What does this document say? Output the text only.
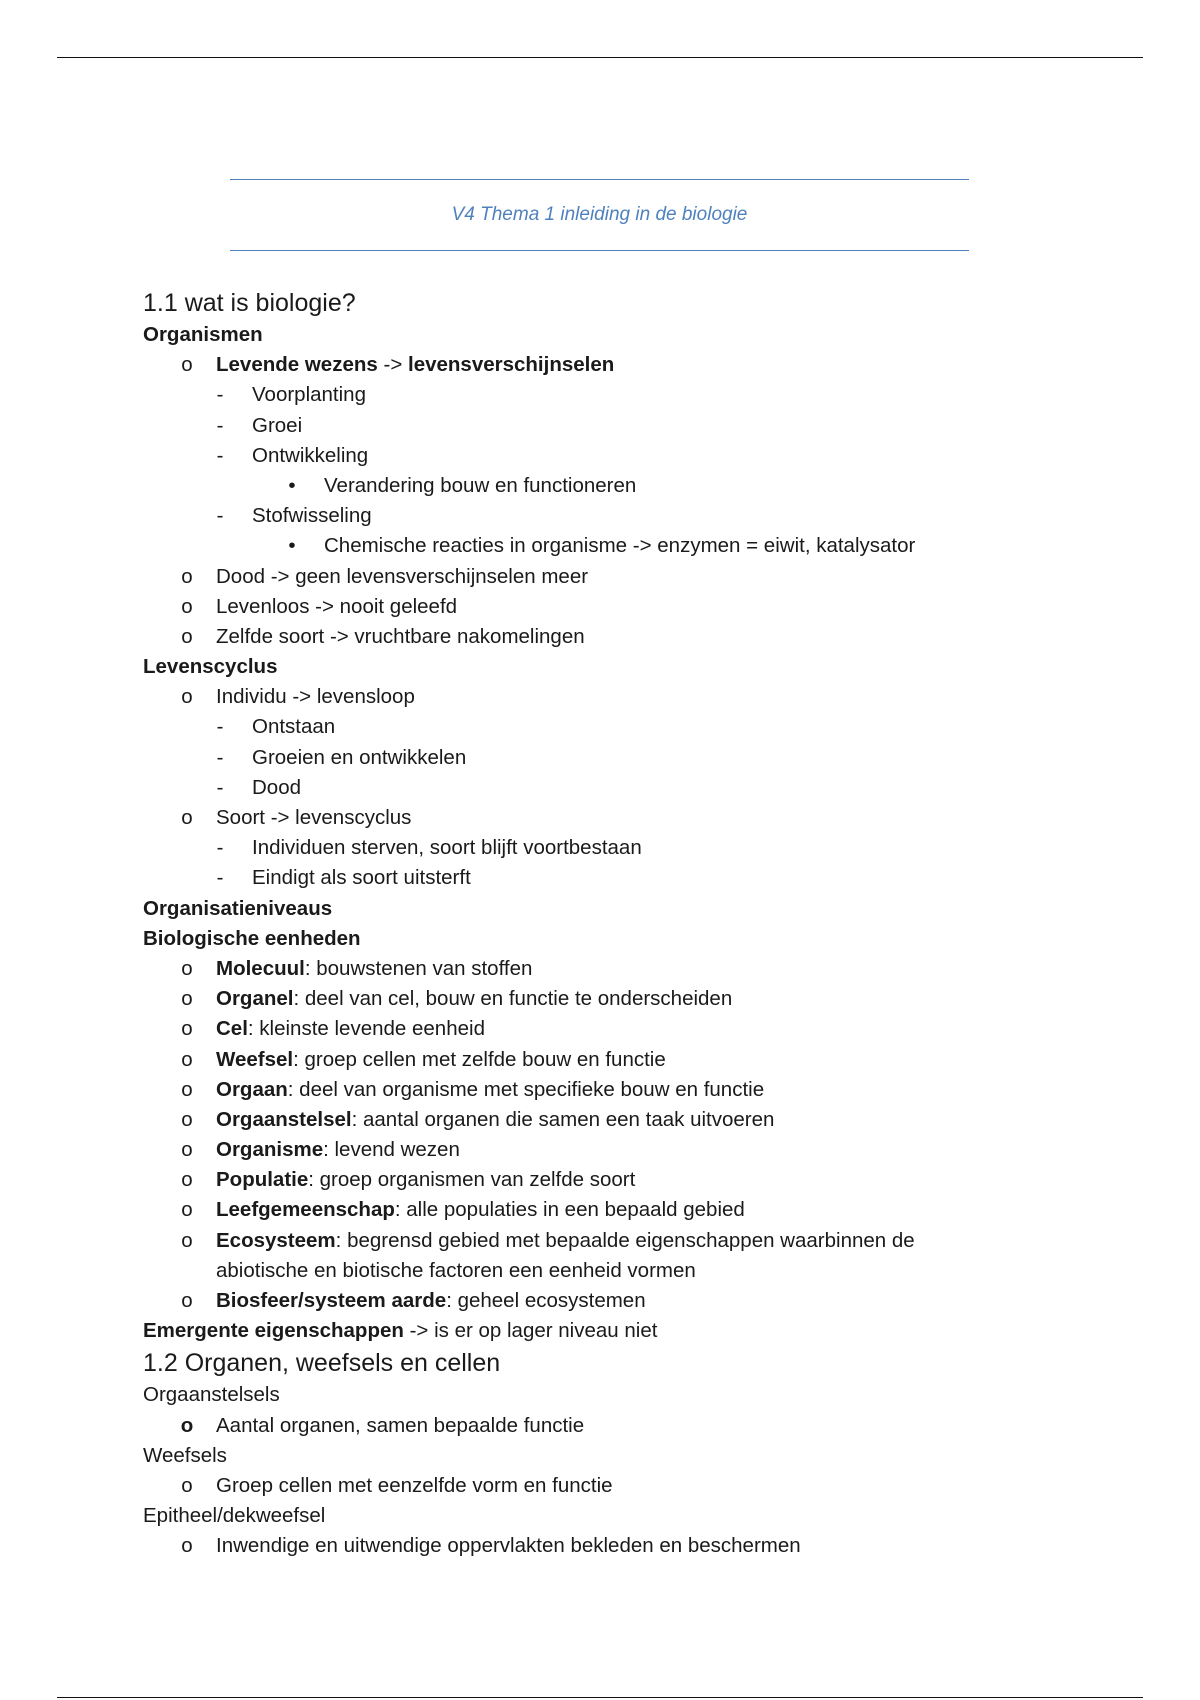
V4 Thema 1 inleiding in de biologie
1.1 wat is biologie?
Organismen
o Levende wezens -> levensverschijnselen
- Voorplanting
- Groei
- Ontwikkeling
• Verandering bouw en functioneren
- Stofwisseling
• Chemische reacties in organisme -> enzymen = eiwit, katalysator
o Dood -> geen levensverschijnselen meer
o Levenloos -> nooit geleefd
o Zelfde soort -> vruchtbare nakomelingen
Levenscyclus
o Individu -> levensloop
- Ontstaan
- Groeien en ontwikkelen
- Dood
o Soort -> levenscyclus
- Individuen sterven, soort blijft voortbestaan
- Eindigt als soort uitsterft
Organisatieniveaus
Biologische eenheden
o Molecuul: bouwstenen van stoffen
o Organel: deel van cel, bouw en functie te onderscheiden
o Cel: kleinste levende eenheid
o Weefsel: groep cellen met zelfde bouw en functie
o Orgaan: deel van organisme met specifieke bouw en functie
o Orgaanstelsel: aantal organen die samen een taak uitvoeren
o Organisme: levend wezen
o Populatie: groep organismen van zelfde soort
o Leefgemeenschap: alle populaties in een bepaald gebied
o Ecosysteem: begrensd gebied met bepaalde eigenschappen waarbinnen de
abiotische en biotische factoren een eenheid vormen
o Biosfeer/systeem aarde: geheel ecosystemen
Emergente eigenschappen -> is er op lager niveau niet
1.2 Organen, weefsels en cellen
Orgaanstelsels
o Aantal organen, samen bepaalde functie
Weefsels
o Groep cellen met eenzelfde vorm en functie
Epitheel/dekweefsel
o Inwendige en uitwendige oppervlakten bekleden en beschermen
